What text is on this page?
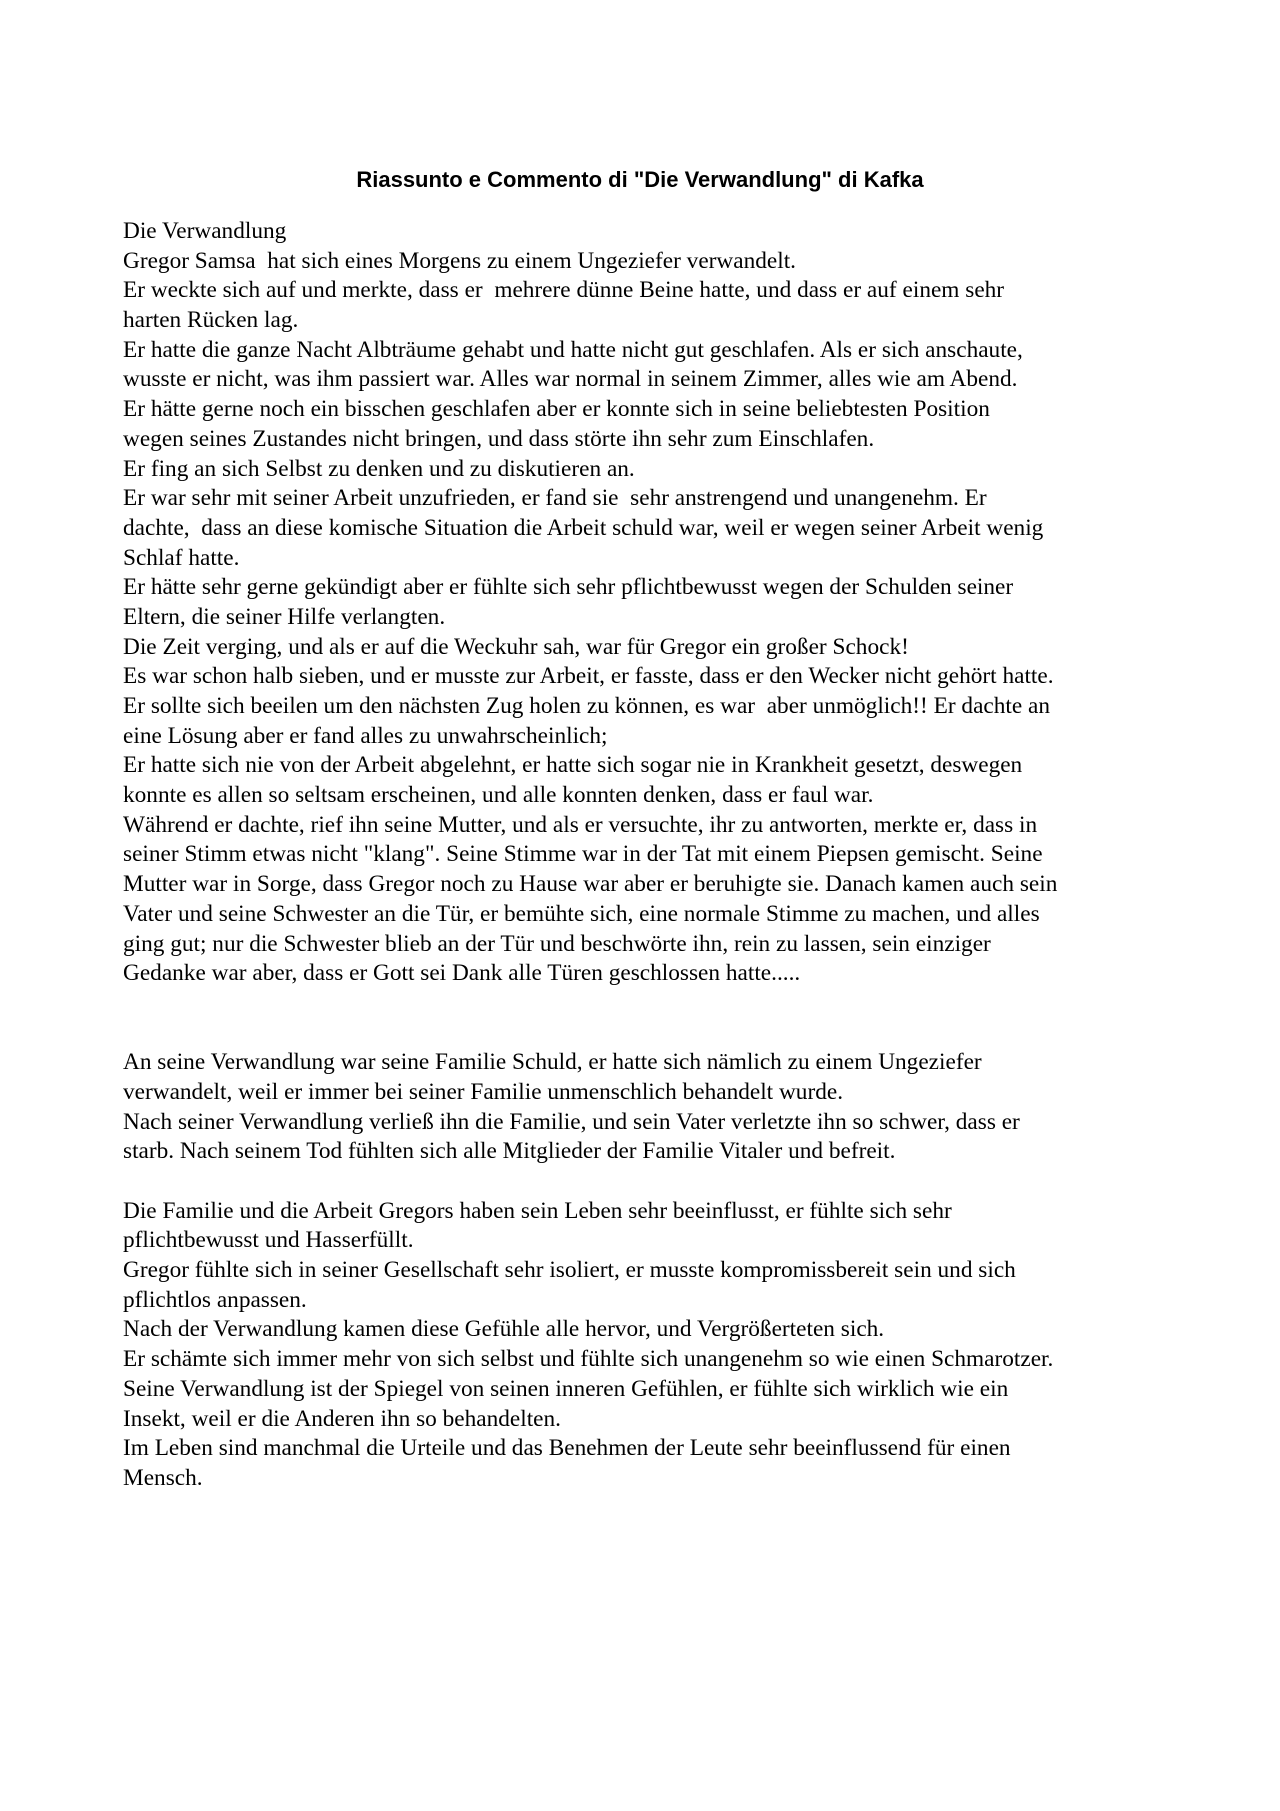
Riassunto e Commento di "Die Verwandlung" di Kafka
Die Verwandlung
Gregor Samsa  hat sich eines Morgens zu einem Ungeziefer verwandelt.
Er weckte sich auf und merkte, dass er  mehrere dünne Beine hatte, und dass er auf einem sehr
harten Rücken lag.
Er hatte die ganze Nacht Albträume gehabt und hatte nicht gut geschlafen. Als er sich anschaute,
wusste er nicht, was ihm passiert war. Alles war normal in seinem Zimmer, alles wie am Abend.
Er hätte gerne noch ein bisschen geschlafen aber er konnte sich in seine beliebtesten Position
wegen seines Zustandes nicht bringen, und dass störte ihn sehr zum Einschlafen.
Er fing an sich Selbst zu denken und zu diskutieren an.
Er war sehr mit seiner Arbeit unzufrieden, er fand sie  sehr anstrengend und unangenehm. Er
dachte,  dass an diese komische Situation die Arbeit schuld war, weil er wegen seiner Arbeit wenig
Schlaf hatte.
Er hätte sehr gerne gekündigt aber er fühlte sich sehr pflichtbewusst wegen der Schulden seiner
Eltern, die seiner Hilfe verlangten.
Die Zeit verging, und als er auf die Weckuhr sah, war für Gregor ein großer Schock!
Es war schon halb sieben, und er musste zur Arbeit, er fasste, dass er den Wecker nicht gehört hatte.
Er sollte sich beeilen um den nächsten Zug holen zu können, es war  aber unmöglich!! Er dachte an
eine Lösung aber er fand alles zu unwahrscheinlich;
Er hatte sich nie von der Arbeit abgelehnt, er hatte sich sogar nie in Krankheit gesetzt, deswegen
konnte es allen so seltsam erscheinen, und alle konnten denken, dass er faul war.
Während er dachte, rief ihn seine Mutter, und als er versuchte, ihr zu antworten, merkte er, dass in
seiner Stimm etwas nicht "klang". Seine Stimme war in der Tat mit einem Piepsen gemischt. Seine
Mutter war in Sorge, dass Gregor noch zu Hause war aber er beruhigte sie. Danach kamen auch sein
Vater und seine Schwester an die Tür, er bemühte sich, eine normale Stimme zu machen, und alles
ging gut; nur die Schwester blieb an der Tür und beschwörte ihn, rein zu lassen, sein einziger
Gedanke war aber, dass er Gott sei Dank alle Türen geschlossen hatte.....
An seine Verwandlung war seine Familie Schuld, er hatte sich nämlich zu einem Ungeziefer
verwandelt, weil er immer bei seiner Familie unmenschlich behandelt wurde.
Nach seiner Verwandlung verließ ihn die Familie, und sein Vater verletzte ihn so schwer, dass er
starb. Nach seinem Tod fühlten sich alle Mitglieder der Familie Vitaler und befreit.
Die Familie und die Arbeit Gregors haben sein Leben sehr beeinflusst, er fühlte sich sehr
pflichtbewusst und Hasserfüllt.
Gregor fühlte sich in seiner Gesellschaft sehr isoliert, er musste kompromissbereit sein und sich
pflichtlos anpassen.
Nach der Verwandlung kamen diese Gefühle alle hervor, und Vergrößerteten sich.
Er schämte sich immer mehr von sich selbst und fühlte sich unangenehm so wie einen Schmarotzer.
Seine Verwandlung ist der Spiegel von seinen inneren Gefühlen, er fühlte sich wirklich wie ein
Insekt, weil er die Anderen ihn so behandelten.
Im Leben sind manchmal die Urteile und das Benehmen der Leute sehr beeinflussend für einen
Mensch.
